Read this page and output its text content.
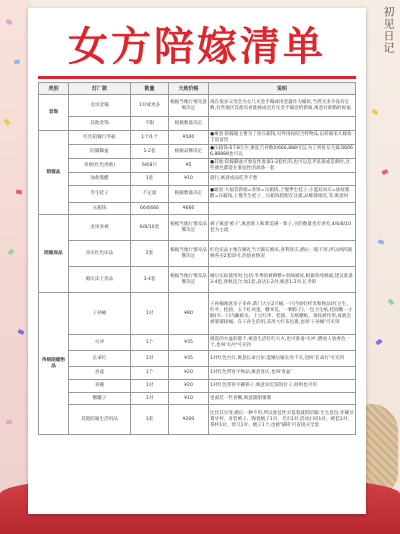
初见日记
女方陪嫁清单
类别	灯厂款	数量	大致价格	说明
首饰	龙凤金镯	1对或更多	根据当地行情及意购决定	现在很多父母会为女儿买金手镯或用金器作为嫁妆,当然买多少没有定数,有些地区其他有看准被成也有实金手镯送给新娘,寓意对新婚的祝福
	其他金饰	不限	根据数量决定	
陪嫁品	红色陪嫁行李箱	1个/1个	¥500	●寓意:陪嫁箱主要为了放压箱钱,另外再按结合样物品,以祈福来大嫁妆丰富富贵
	陪嫁脚盆	1-2套	根据品牌决定	●压箱钱:6千8万少,象征吉祥数如666,888可以,为了祈祉女儿嫁,66666,88888也可以
	喜被(红色用被)	6或8只	¥5	●其他:陪嫁脚盆可象征性准备1-2套红的,也可以是齐基备或是新时,这些颜色都能在象征性的准备一套
	油盐酱醋	1套	¥10	就行,寓意成品吃齐不愁
	冬生桂子	不定量	根据数量决定	●通说:大福袋新娘=喜饼=压箱钱,上慢季生桂子,小篮双喜庆=油盐酱醋=压箱钱,上慢冬生桂子、压箱钱搭配在这就,品蜂都相近,等,寓意时
	压箱钱	66或666	¥666	
陪嫁床品	龙凤喜被	6/8/10套	根据当地行情及品牌决定	被子寓意'被子',寓意新人和谐美满一辈子,买的数量也有讲究,4/6/8/10套为主流
	喜庆红色床品	2套	根据当地行情及品牌决定	红色床品主要在婚礼当天铺在婚床,喜利喜庆,婚后一般不用,所以两四就够各买2套即可,价值看情况
	婚庆床上用品	3-4套	根据当地行情及品牌决定	婚后实际使用时,包括:冬季的被褥整+羽绒被床,根据各纯棉面,建议准备3-4套,春秋适合;加1套,表达1-2对,寓意1-2对,长寿的
传统陪嫁物品	子孙桶	1对	¥80	子孙桶寓意多子多孙,新门大小2只桶,一只内放好样米和物品(红豆生、红枣、桂圆、五个红鸡蛋、糖米花、一颗粽子),一包卫生纸,桂圆糖一小捆)另一只内藏被水、土豆红枣、桂圆、友纸糖纸、条纹被作用,再就会被婆婆接桶、在子孙生的用,其用大红布包裹,也叫'子孙桶'可买到
	火冲	1个	¥35	挑选的火盆的那个,寓意生活红红火火,也可准备'火冲',燃放人放香色一个,也叫'火冲'可买到
	长命灯	1对	¥35	1对红色台灯,寓意长命百岁,能婚后嫁长亮不灭,也叫'长命灯'可买到
	喜盆	1个	¥20	1对红色带喜字物品,寓意喜庆,也叫'喜盆'
	喜碗	1对	¥20	1对红色带喜字碗筷子,寓意先吃饭饭位子,原则也可用
	糖罐子	1对	¥10	里面装一些喜糖,寓意甜甜蜜蜜
	其他陪嫁生活用品	1套	¥200	比比其尔变,婚后一种不用,所以象征性买基着就的陪嫁:生生套包:牙刷牙膏牙杯、喜装被子、陶瓷梳子1对、毛巾1对,活动扫帚1对、被套1对、茶杯1对、剪刀1对、梳子1个,也被'铺筷'可直接买全套
